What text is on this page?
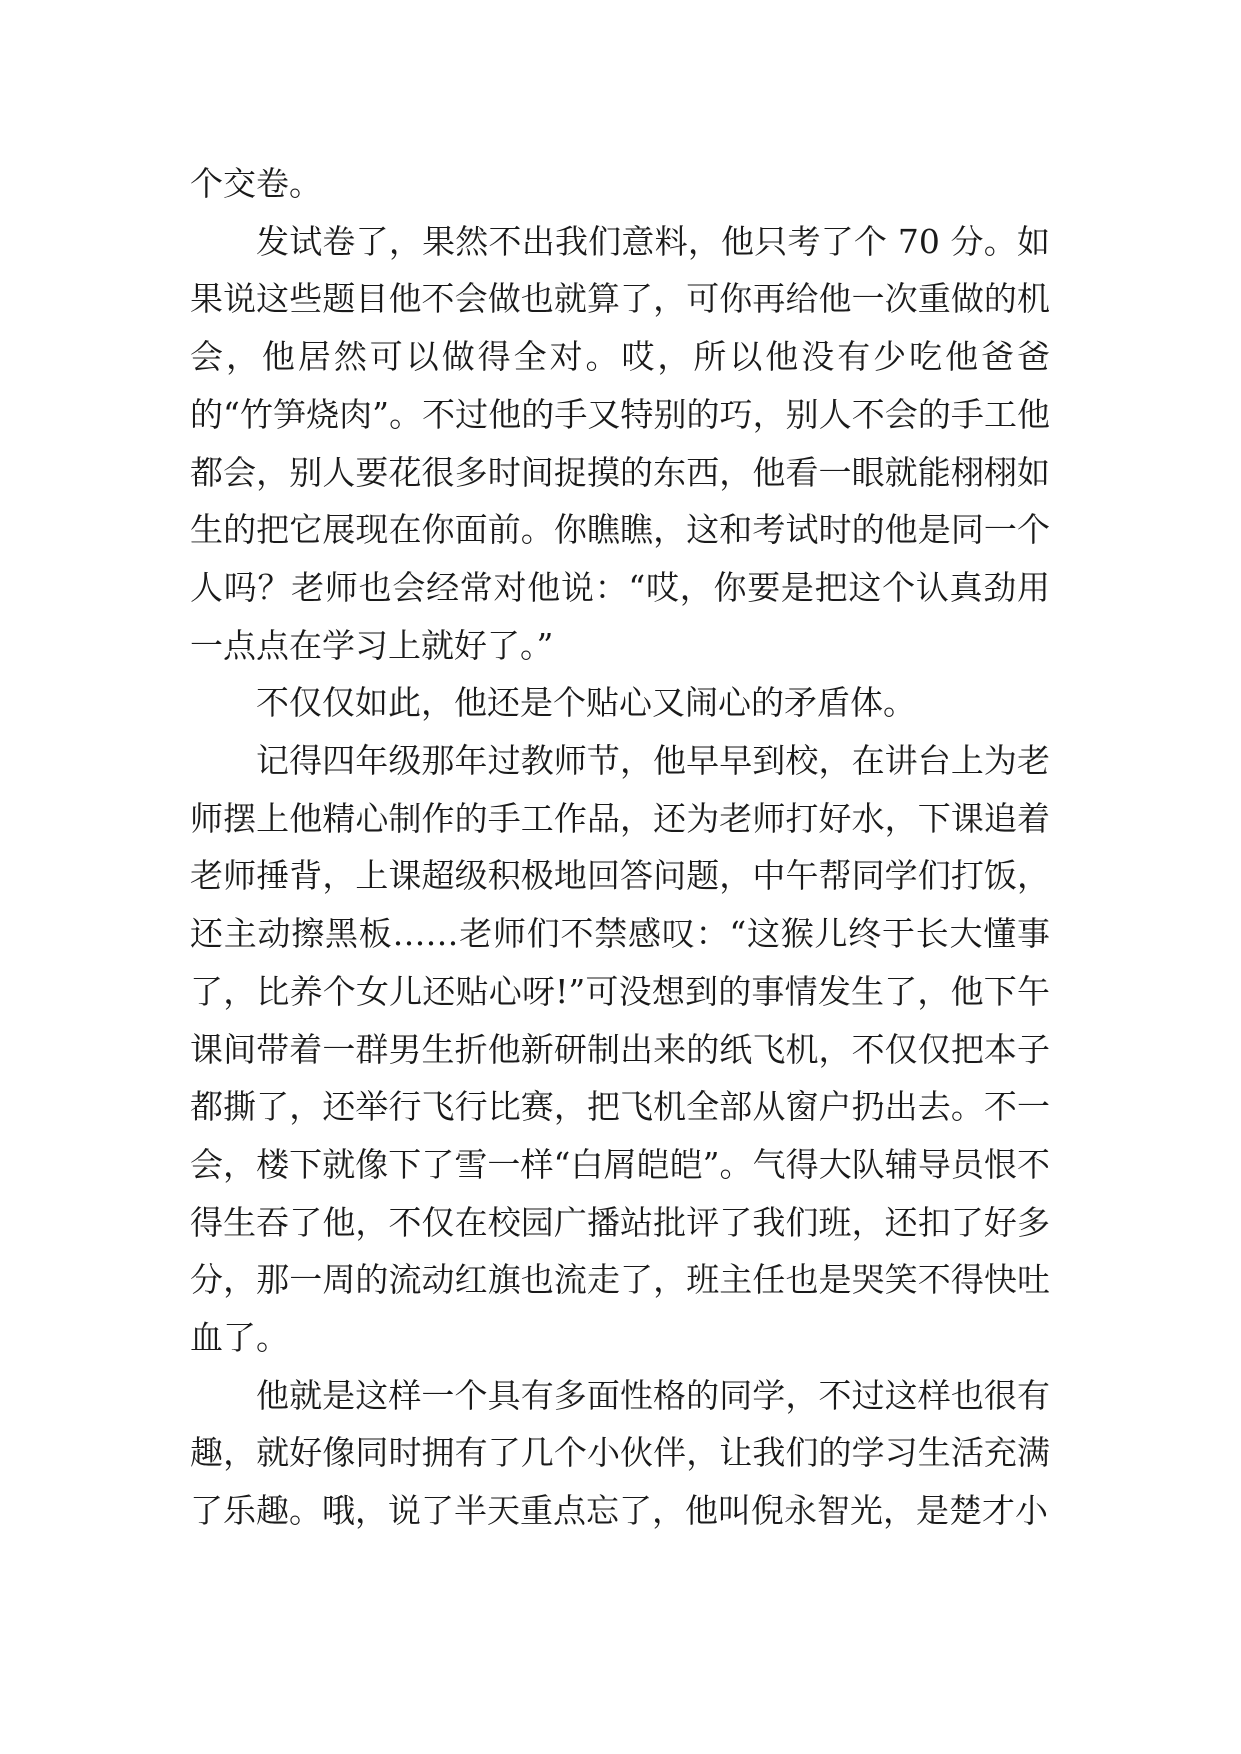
个交卷。

发试卷了，果然不出我们意料，他只考了个 70 分。如果说这些题目他不会做也就算了，可你再给他一次重做的机会，他居然可以做得全对。哎，所以他没有少吃他爸爸的“竹笋烧肉”。不过他的手又特别的巧，别人不会的手工他都会，别人要花很多时间捉摸的东西，他看一眼就能栩栩如生的把它展现在你面前。你瞧瞧，这和考试时的他是同一个人吗？老师也会经常对他说：“哎，你要是把这个认真劲用一点点在学习上就好了。”

不仅仅如此，他还是个贴心又闹心的矛盾体。

记得四年级那年过教师节，他早早到校，在讲台上为老师摆上他精心制作的手工作品，还为老师打好水，下课追着老师捶背，上课超级积极地回答问题，中午帮同学们打饭，还主动擦黑板……老师们不禁感叹：“这猴儿终于长大懂事了，比养个女儿还贴心呀!”可没想到的事情发生了，他下午课间带着一群男生折他新研制出来的纸飞机，不仅仅把本子都撕了，还举行飞行比赛，把飞机全部从窗户扔出去。不一会，楼下就像下了雪一样“白屑皑皑”。气得大队辅导员恨不得生吞了他，不仅在校园广播站批评了我们班，还扣了好多分，那一周的流动红旗也流走了，班主任也是哭笑不得快吐血了。

他就是这样一个具有多面性格的同学，不过这样也很有趣，就好像同时拥有了几个小伙伴，让我们的学习生活充满了乐趣。哦，说了半天重点忘了，他叫倪永智光，是楚才小
